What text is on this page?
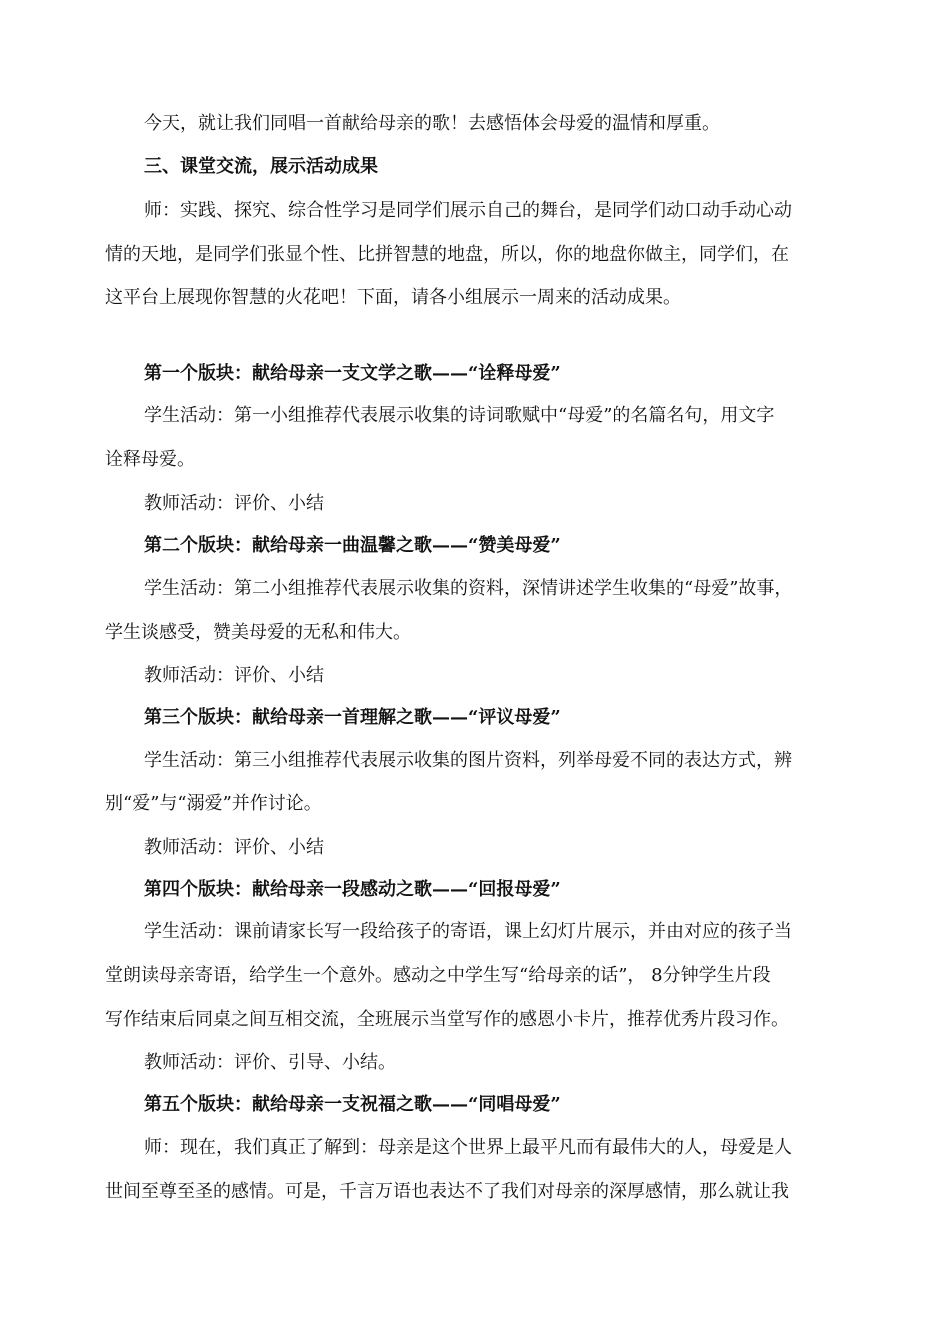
今天，就让我们同唱一首献给母亲的歌！去感悟体会母爱的温情和厚重。
三、课堂交流，展示活动成果
师：实践、探究、综合性学习是同学们展示自己的舞台，是同学们动口动手动心动
情的天地，是同学们张显个性、比拼智慧的地盘，所以，你的地盘你做主，同学们，在
这平台上展现你智慧的火花吧！下面，请各小组展示一周来的活动成果。
第一个版块：献给母亲一支文学之歌——“诠释母爱”
学生活动：第一小组推荐代表展示收集的诗词歌赋中“母爱”的名篇名句，用文字
诠释母爱。
教师活动：评价、小结
第二个版块：献给母亲一曲温馨之歌——“赞美母爱”
学生活动：第二小组推荐代表展示收集的资料，深情讲述学生收集的“母爱”故事，
学生谈感受，赞美母爱的无私和伟大。
教师活动：评价、小结
第三个版块：献给母亲一首理解之歌——“评议母爱”
学生活动：第三小组推荐代表展示收集的图片资料，列举母爱不同的表达方式，辨
别“爱”与“溺爱”并作讨论。
教师活动：评价、小结
第四个版块：献给母亲一段感动之歌——“回报母爱”
学生活动：课前请家长写一段给孩子的寄语，课上幻灯片展示，并由对应的孩子当
堂朗读母亲寄语，给学生一个意外。感动之中学生写“给母亲的话”， 8分钟学生片段
写作结束后同桌之间互相交流，全班展示当堂写作的感恩小卡片，推荐优秀片段习作。
教师活动：评价、引导、小结。
第五个版块：献给母亲一支祝福之歌——“同唱母爱”
师：现在，我们真正了解到：母亲是这个世界上最平凡而有最伟大的人，母爱是人
世间至尊至圣的感情。可是，千言万语也表达不了我们对母亲的深厚感情，那么就让我
